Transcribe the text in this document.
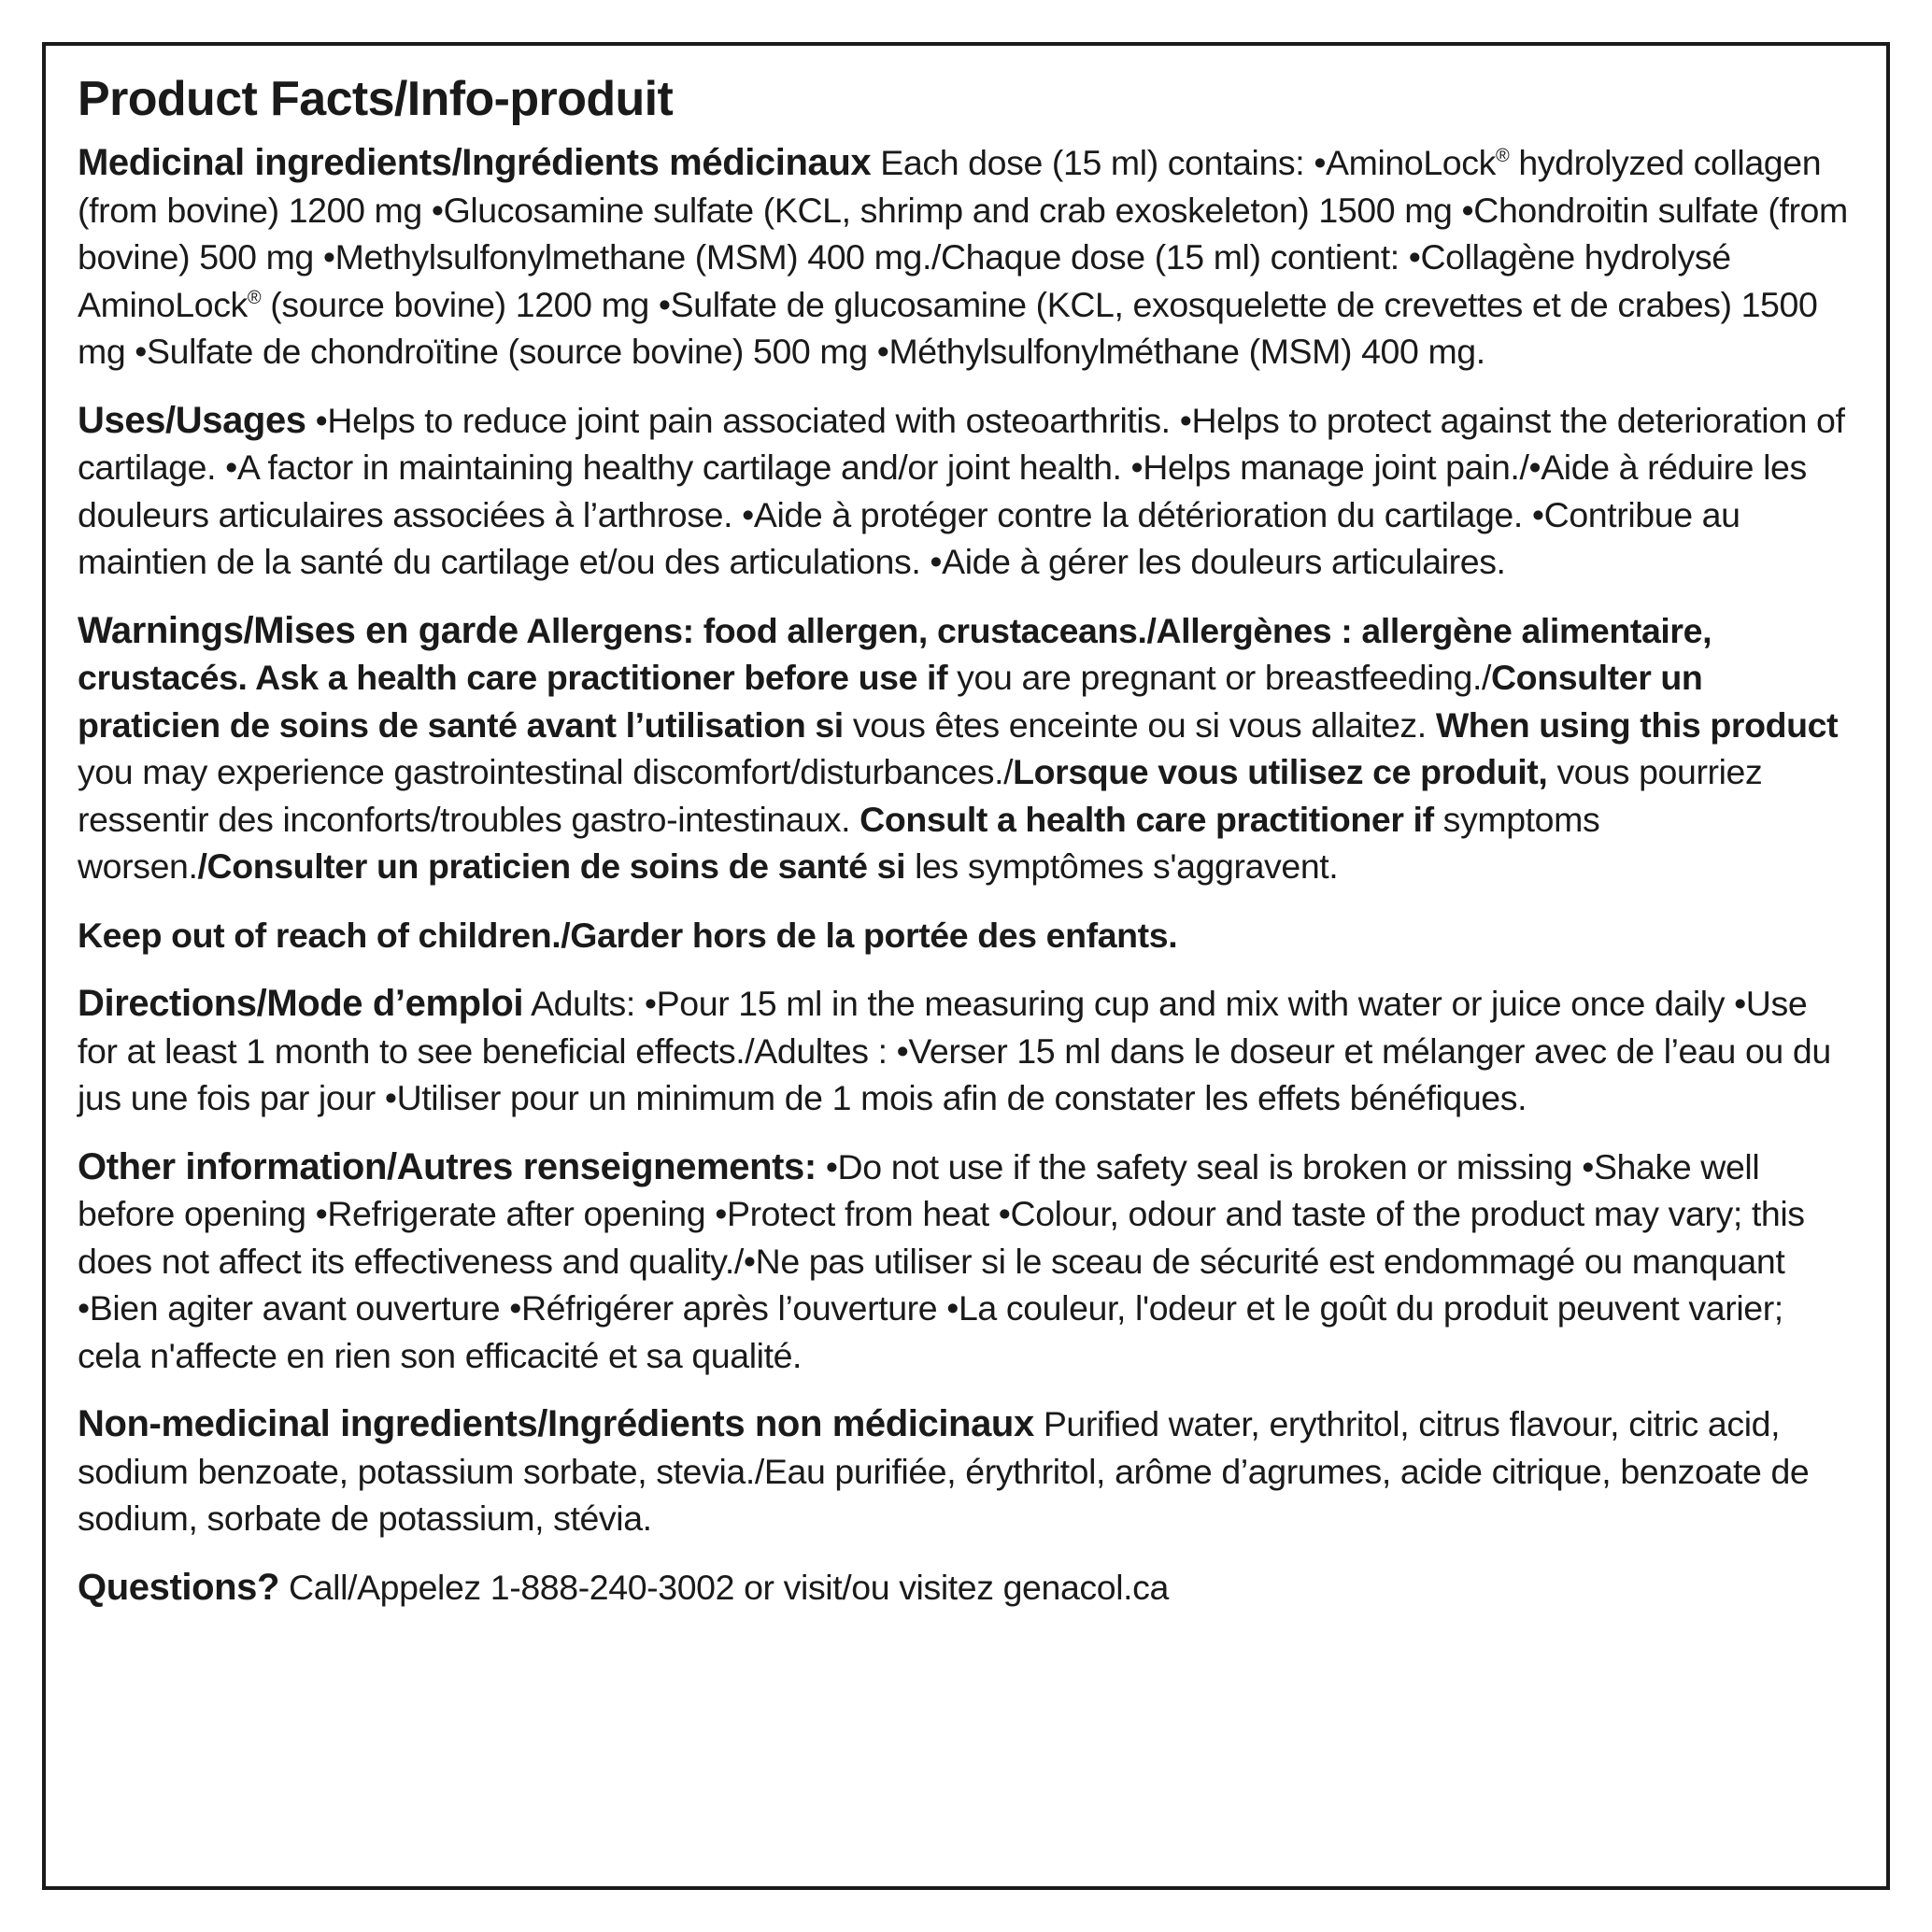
Product Facts/Info-produit
Medicinal ingredients/Ingrédients médicinaux Each dose (15 ml) contains: •AminoLock® hydrolyzed collagen (from bovine) 1200 mg •Glucosamine sulfate (KCL, shrimp and crab exoskeleton) 1500 mg •Chondroitin sulfate (from bovine) 500 mg •Methylsulfonylmethane (MSM) 400 mg./Chaque dose (15 ml) contient: •Collagène hydrolysé AminoLock® (source bovine) 1200 mg •Sulfate de glucosamine (KCL, exosquelette de crevettes et de crabes) 1500 mg •Sulfate de chondroïtine (source bovine) 500 mg •Méthylsulfonylméthane (MSM) 400 mg.
Uses/Usages •Helps to reduce joint pain associated with osteoarthritis. •Helps to protect against the deterioration of cartilage. •A factor in maintaining healthy cartilage and/or joint health. •Helps manage joint pain./•Aide à réduire les douleurs articulaires associées à l’arthrose. •Aide à protéger contre la détérioration du cartilage. •Contribue au maintien de la santé du cartilage et/ou des articulations. •Aide à gérer les douleurs articulaires.
Warnings/Mises en garde Allergens: food allergen, crustaceans./Allergènes : allergène alimentaire, crustacés. Ask a health care practitioner before use if you are pregnant or breastfeeding./Consulter un praticien de soins de santé avant l’utilisation si vous êtes enceinte ou si vous allaitez. When using this product you may experience gastrointestinal discomfort/disturbances./Lorsque vous utilisez ce produit, vous pourriez ressentir des inconforts/troubles gastro-intestinaux. Consult a health care practitioner if symptoms worsen./Consulter un praticien de soins de santé si les symptômes s'aggravent.
Keep out of reach of children./Garder hors de la portée des enfants.
Directions/Mode d’emploi Adults: •Pour 15 ml in the measuring cup and mix with water or juice once daily •Use for at least 1 month to see beneficial effects./Adultes : •Verser 15 ml dans le doseur et mélanger avec de l’eau ou du jus une fois par jour •Utiliser pour un minimum de 1 mois afin de constater les effets bénéfiques.
Other information/Autres renseignements: •Do not use if the safety seal is broken or missing •Shake well before opening •Refrigerate after opening •Protect from heat •Colour, odour and taste of the product may vary; this does not affect its effectiveness and quality./•Ne pas utiliser si le sceau de sécurité est endommagé ou manquant •Bien agiter avant ouverture •Réfrigérer après l’ouverture •La couleur, l'odeur et le goût du produit peuvent varier; cela n'affecte en rien son efficacité et sa qualité.
Non-medicinal ingredients/Ingrédients non médicinaux Purified water, erythritol, citrus flavour, citric acid, sodium benzoate, potassium sorbate, stevia./Eau purifiée, érythritol, arôme d’agrumes, acide citrique, benzoate de sodium, sorbate de potassium, stévia.
Questions? Call/Appelez 1-888-240-3002 or visit/ou visitez genacol.ca
